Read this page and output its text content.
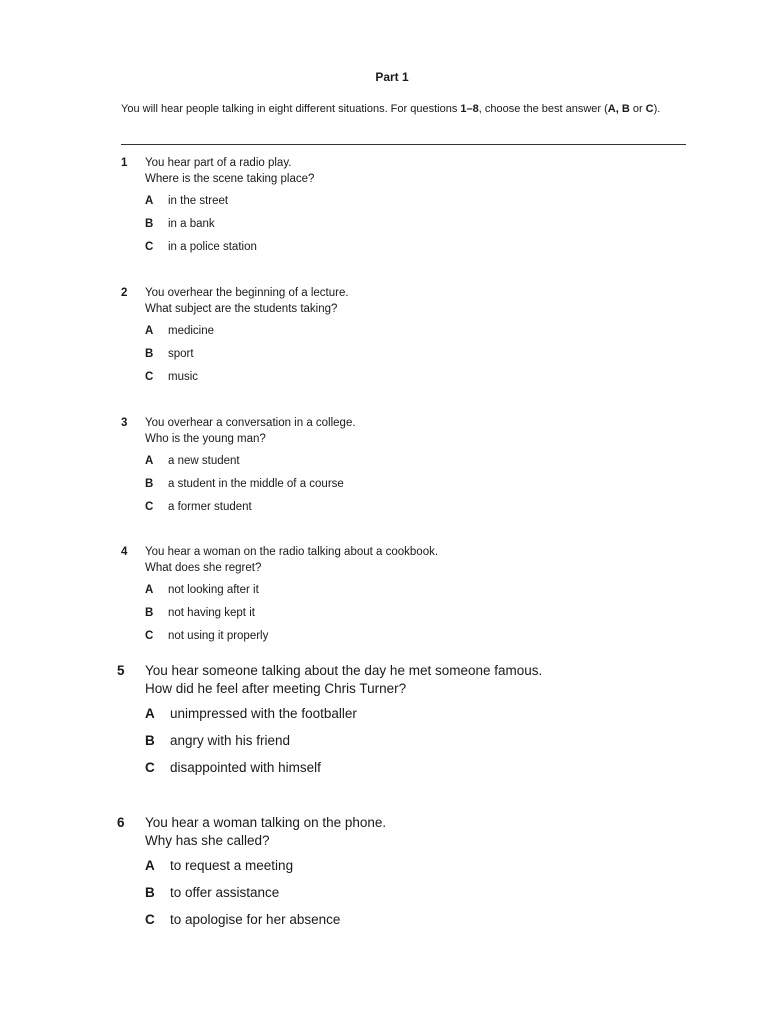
Part 1
You will hear people talking in eight different situations. For questions 1–8, choose the best answer (A, B or C).
1 You hear part of a radio play.
Where is the scene taking place?
A in the street
B in a bank
C in a police station
2 You overhear the beginning of a lecture.
What subject are the students taking?
A medicine
B sport
C music
3 You overhear a conversation in a college.
Who is the young man?
A a new student
B a student in the middle of a course
C a former student
4 You hear a woman on the radio talking about a cookbook.
What does she regret?
A not looking after it
B not having kept it
C not using it properly
5 You hear someone talking about the day he met someone famous.
How did he feel after meeting Chris Turner?
A unimpressed with the footballer
B angry with his friend
C disappointed with himself
6 You hear a woman talking on the phone.
Why has she called?
A to request a meeting
B to offer assistance
C to apologise for her absence
